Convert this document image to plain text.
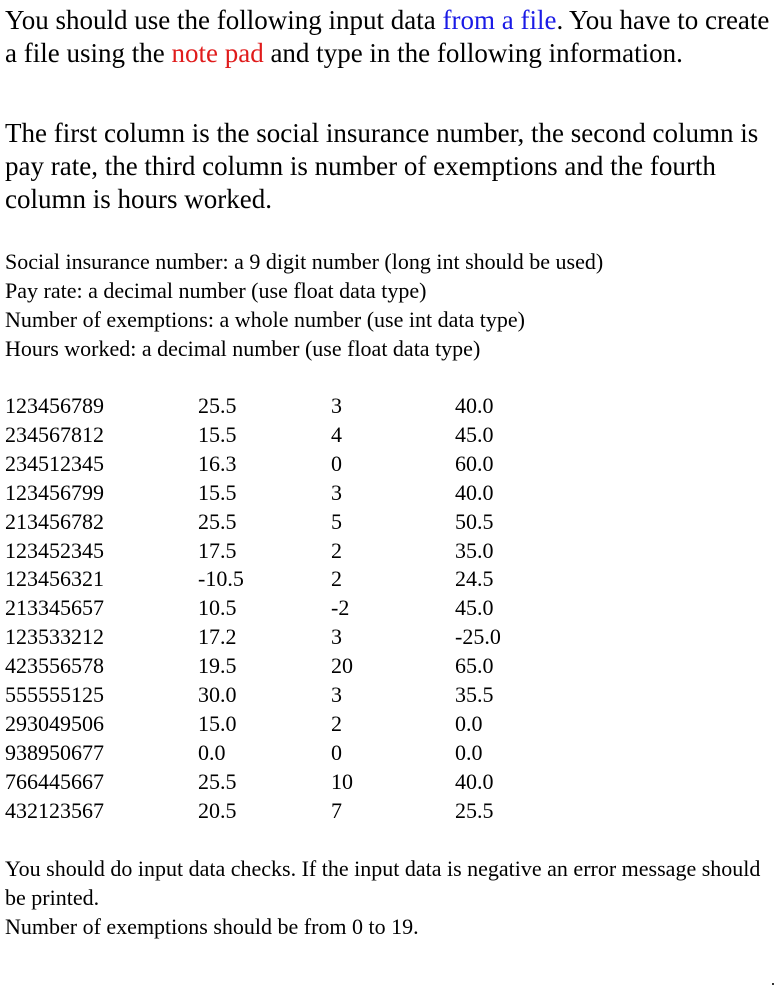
You should use the following input data from a file. You have to create a file using the note pad and type in the following information.

The first column is the social insurance number, the second column is pay rate, the third column is number of exemptions and the fourth column is hours worked.

Social insurance number: a 9 digit number (long int should be used)
Pay rate: a decimal number (use float data type)
Number of exemptions: a whole number (use int data type)
Hours worked: a decimal number (use float data type)
123456789	25.5	3	40.0
234567812	15.5	4	45.0
234512345	16.3	0	60.0
123456799	15.5	3	40.0
213456782	25.5	5	50.5
123452345	17.5	2	35.0
123456321	-10.5	2	24.5
213345657	10.5	-2	45.0
123533212	17.2	3	-25.0
423556578	19.5	20	65.0
555555125	30.0	3	35.5
293049506	15.0	2	0.0
938950677	0.0	0	0.0
766445667	25.5	10	40.0
432123567	20.5	7	25.5
You should do input data checks. If the input data is negative an error message should be printed.
Number of exemptions should be from 0 to 19.
